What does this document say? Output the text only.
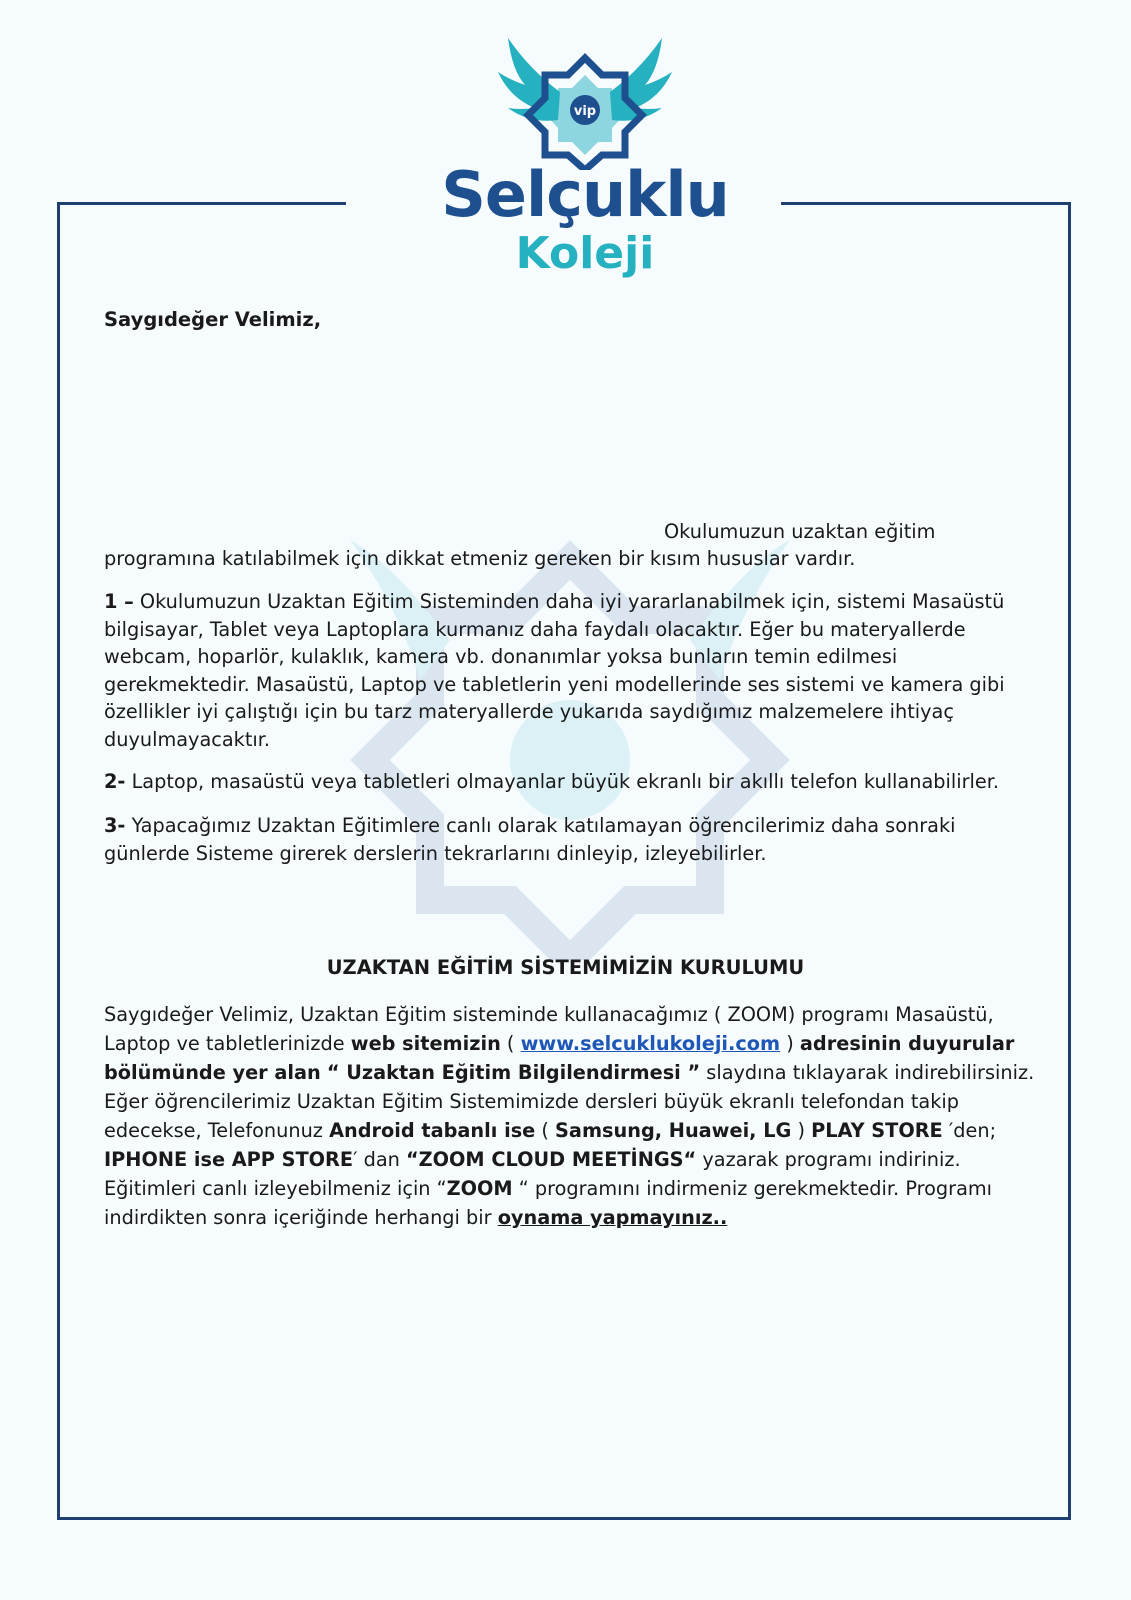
vip
Selçuklu
Koleji
Saygıdeğer Velimiz,
Okulumuzun uzaktan eğitim
programına katılabilmek için dikkat etmeniz gereken bir kısım hususlar vardır.
1 – Okulumuzun Uzaktan Eğitim Sisteminden daha iyi yararlanabilmek için, sistemi Masaüstü bilgisayar, Tablet veya Laptoplara kurmanız daha faydalı olacaktır. Eğer bu materyallerde webcam, hoparlör, kulaklık, kamera vb. donanımlar yoksa bunların temin edilmesi gerekmektedir. Masaüstü, Laptop ve tabletlerin yeni modellerinde ses sistemi ve kamera gibi özellikler iyi çalıştığı için bu tarz materyallerde yukarıda saydığımız malzemelere ihtiyaç duyulmayacaktır.
2- Laptop, masaüstü veya tabletleri olmayanlar büyük ekranlı bir akıllı telefon kullanabilirler.
3- Yapacağımız Uzaktan Eğitimlere canlı olarak katılamayan öğrencilerimiz daha sonraki günlerde Sisteme girerek derslerin tekrarlarını dinleyip, izleyebilirler.
UZAKTAN EĞİTİM SİSTEMİMİZİN KURULUMU
Saygıdeğer Velimiz, Uzaktan Eğitim sisteminde kullanacağımız ( ZOOM) programı Masaüstü, Laptop ve tabletlerinizde web sitemizin ( www.selcuklukoleji.com ) adresinin duyurular bölümünde yer alan “ Uzaktan Eğitim Bilgilendirmesi ” slaydına tıklayarak indirebilirsiniz. Eğer öğrencilerimiz Uzaktan Eğitim Sistemimizde dersleri büyük ekranlı telefondan takip edecekse, Telefonunuz Android tabanlı ise ( Samsung, Huawei, LG ) PLAY STORE ′den; IPHONE ise APP STORE′ dan “ZOOM CLOUD MEETİNGS“ yazarak programı indiriniz. Eğitimleri canlı izleyebilmeniz için “ZOOM “ programını indirmeniz gerekmektedir. Programı indirdikten sonra içeriğinde herhangi bir oynama yapmayınız..
